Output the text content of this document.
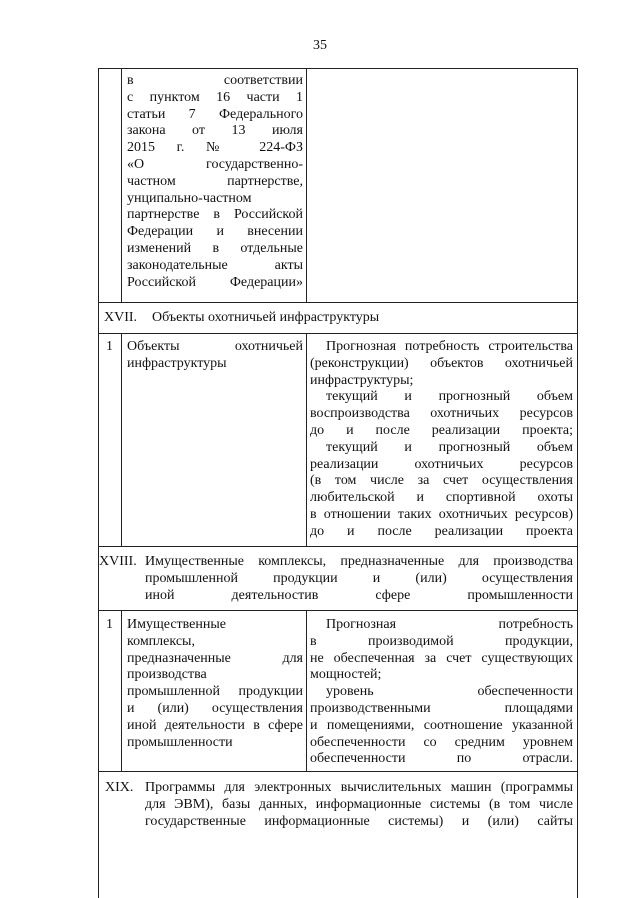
35
в соответствии
с пунктом 16 части 1
статьи 7 Федерального
закона от 13 июля
2015 г. № 224-ФЗ
«О государственно-
частном партнерстве,
унципально-частном
партнерстве в Российской
Федерации и внесении
изменений в отдельные
законодательные акты
Российской Федерации»
XVII. Объекты охотничьей инфраструктуры
1 Объекты охотничьей
инфраструктуры
Прогнозная потребность строительства
(реконструкции) объектов охотничьей
инфраструктуры;
текущий и прогнозный объем
воспроизводства охотничьих ресурсов
до и после реализации проекта;
текущий и прогнозный объем
реализации охотничьих ресурсов
(в том числе за счет осуществления
любительской и спортивной охоты
в отношении таких охотничьих ресурсов)
до и после реализации проекта
XVIII. Имущественные комплексы, предназначенные для производства
промышленной продукции и (или) осуществления
иной деятельностив сфере промышленности
1 Имущественные
комплексы,
предназначенные для
производства
промышленной продукции
и (или) осуществления
иной деятельности в сфере
промышленности
Прогнозная потребность
в производимой продукции,
не обеспеченная за счет существующих
мощностей;
уровень обеспеченности
производственными площадями
и помещениями, соотношение указанной
обеспеченности со средним уровнем
обеспеченности по отрасли.
XIX. Программы для электронных вычислительных машин (программы
для ЭВМ), базы данных, информационные системы (в том числе
государственные информационные системы) и (или) сайты
